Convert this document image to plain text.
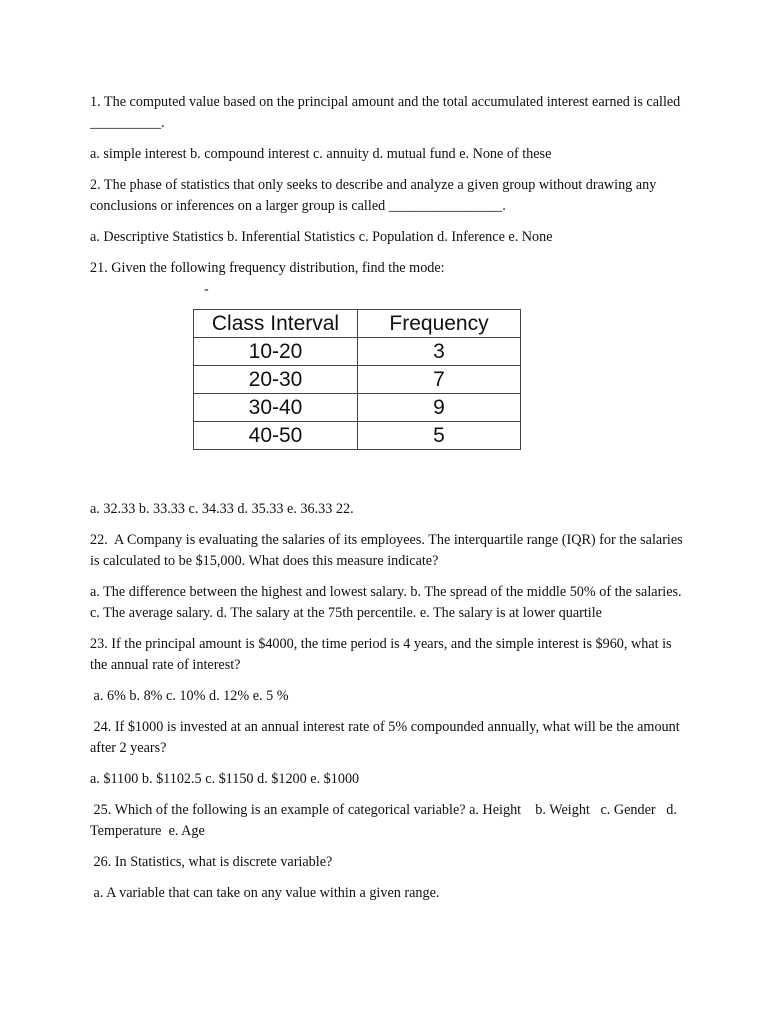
1. The computed value based on the principal amount and the total accumulated interest earned is called __________.

a. simple interest b. compound interest c. annuity d. mutual fund e. None of these

2. The phase of statistics that only seeks to describe and analyze a given group without drawing any conclusions or inferences on a larger group is called ________________.

a. Descriptive Statistics b. Inferential Statistics c. Population d. Inference e. None

21. Given the following frequency distribution, find the mode:

-
Class Interval	Frequency
10-20	3
20-30	7
30-40	9
40-50	5

a. 32.33 b. 33.33 c. 34.33 d. 35.33 e. 36.33 22.

22.  A Company is evaluating the salaries of its employees. The interquartile range (IQR) for the salaries is calculated to be $15,000. What does this measure indicate?

a. The difference between the highest and lowest salary. b. The spread of the middle 50% of the salaries. c. The average salary. d. The salary at the 75th percentile. e. The salary is at lower quartile

23. If the principal amount is $4000, the time period is 4 years, and the simple interest is $960, what is the annual rate of interest?

a. 6% b. 8% c. 10% d. 12% e. 5 %

24. If $1000 is invested at an annual interest rate of 5% compounded annually, what will be the amount after 2 years?

a. $1100 b. $1102.5 c. $1150 d. $1200 e. $1000

25. Which of the following is an example of categorical variable? a. Height    b. Weight   c. Gender   d. Temperature  e. Age

26. In Statistics, what is discrete variable?

a. A variable that can take on any value within a given range.
